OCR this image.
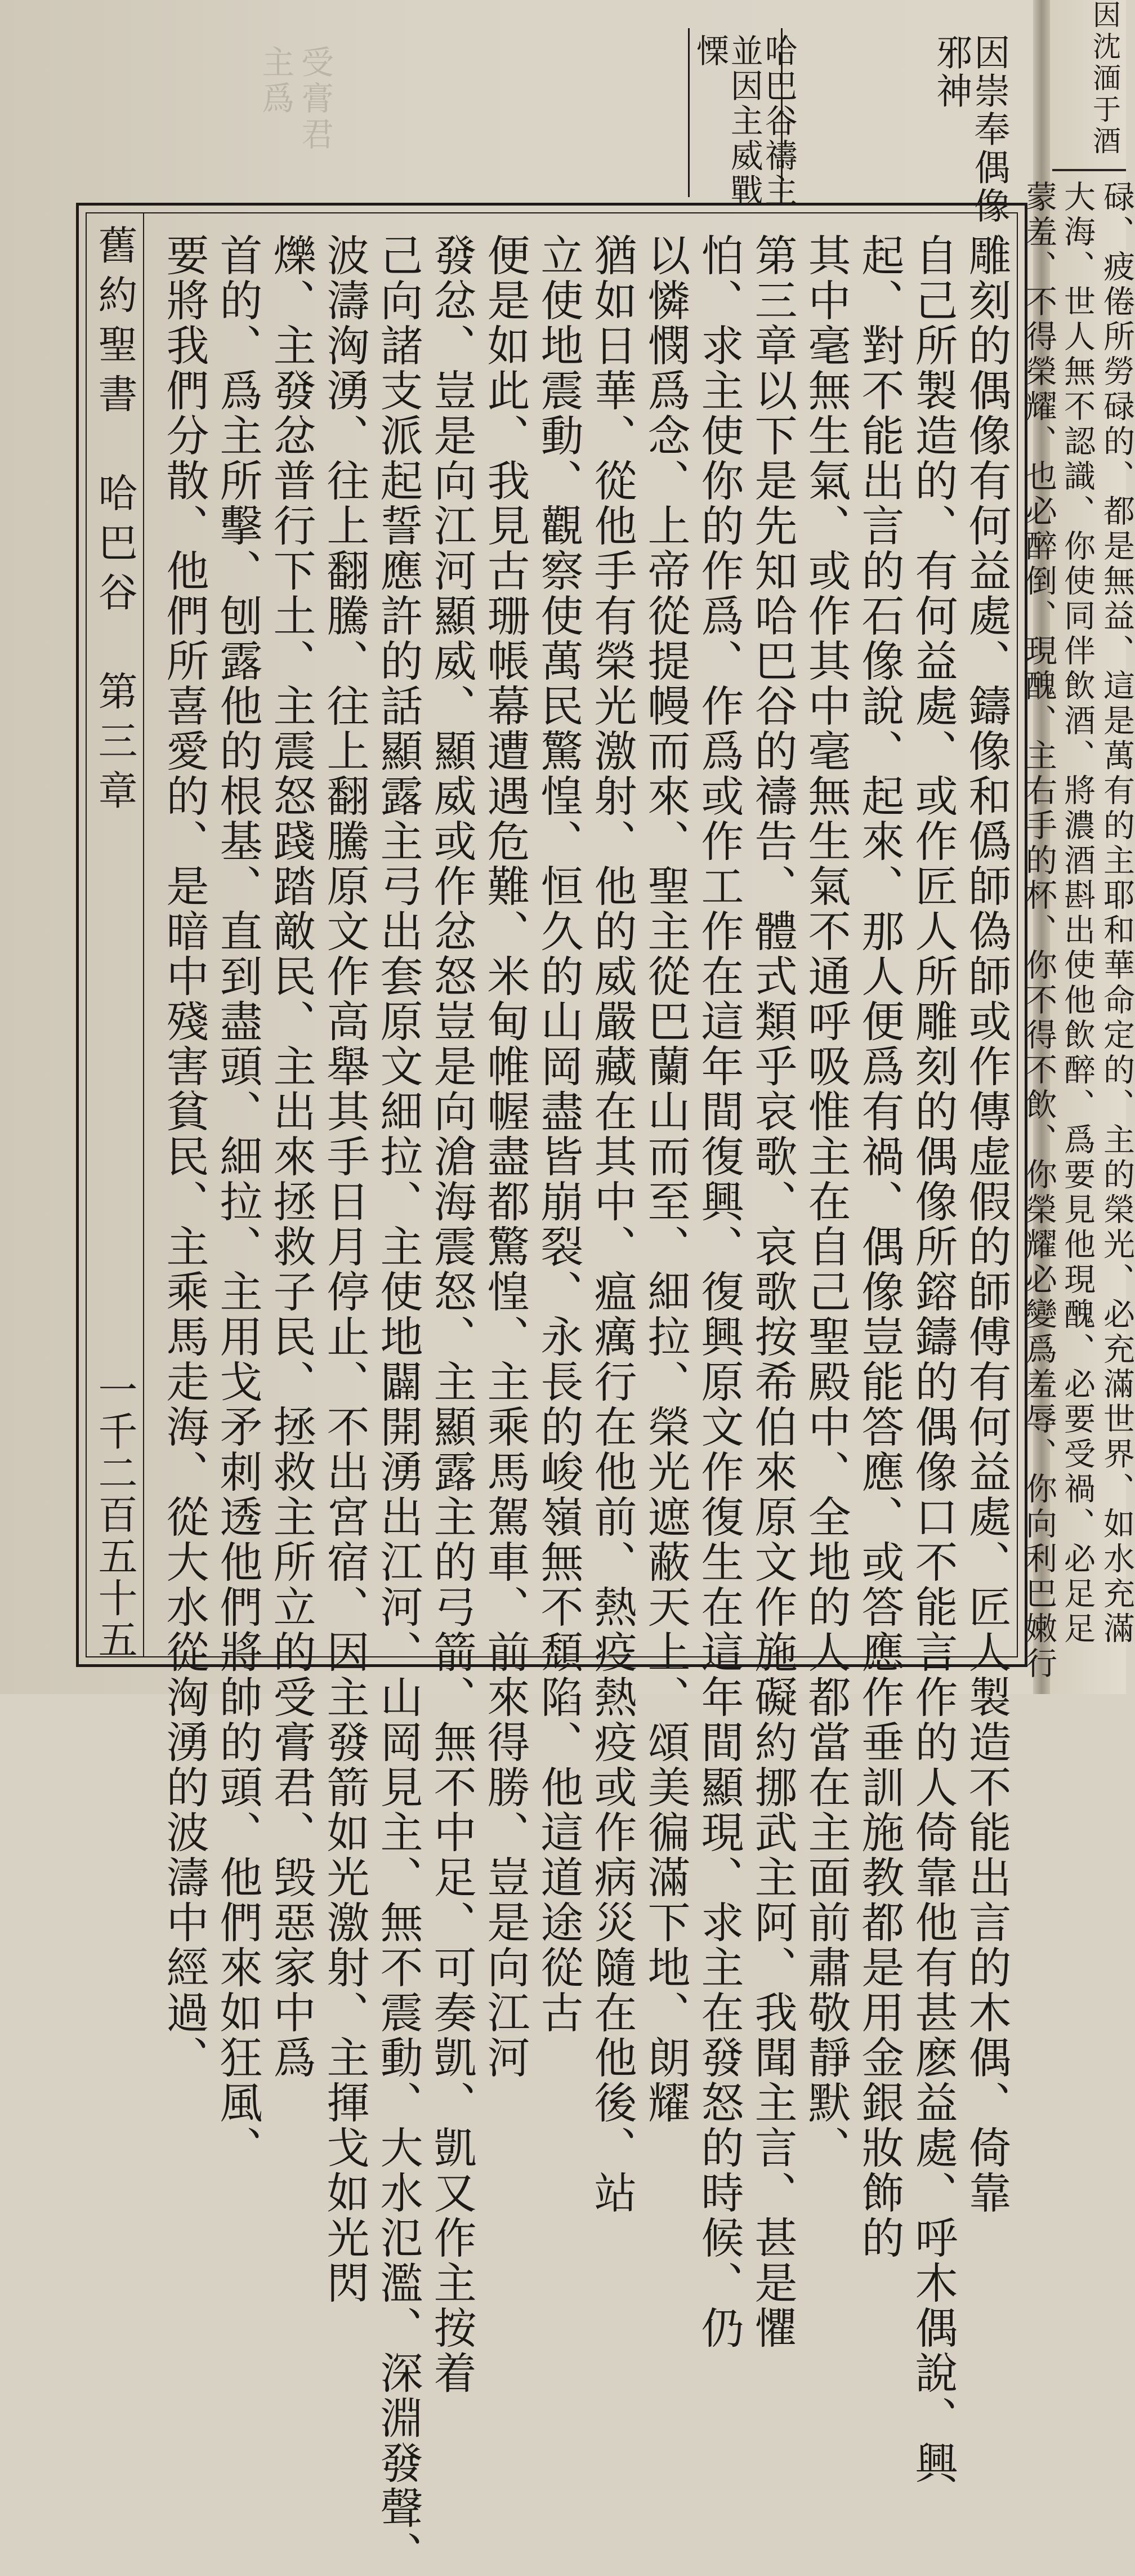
因崇奉偶像
邪神
哈巴谷禱主
並因主威戰
慄
主爲 受膏君
舊約聖書　哈巴谷　第三章
一千二百五十五	雕刻的偶像有何益處、鑄像和僞師偽師或作傳虚假的師傅有何益處、匠人製造不能出言的木偶、倚靠
自己所製造的、有何益處、或作匠人所雕刻的偶像所鎔鑄的偶像口不能言作的人倚靠他有甚麽益處、呼木偶說、興
起、對不能出言的石像說、起來、那人便爲有禍、偶像豈能答應、或答應作垂訓施教都是用金銀妝飾的
其中毫無生氣、或作其中毫無生氣不通呼吸惟主在自己聖殿中、全地的人都當在主面前肅敬靜默、
第三章以下是先知哈巴谷的禱告、體式類乎哀歌、哀歌按希伯來原文作施礙約挪武主阿、我聞主言、甚是懼
怕、求主使你的作爲、作爲或作工作在這年間復興、復興原文作復生在這年間顯現、求主在發怒的時候、仍
以憐憫爲念、上帝從提幔而來、聖主從巴蘭山而至、細拉、榮光遮蔽天上、頌美徧滿下地、朗耀
猶如日華、從他手有榮光激射、他的威嚴藏在其中、瘟癘行在他前、熱疫熱疫或作病災隨在他後、站
立使地震動、觀察使萬民驚惶、恒久的山岡盡皆崩裂、永長的峻嶺無不頹陷、他這道途從古
便是如此、我見古珊帳幕遭遇危難、米甸帷幄盡都驚惶、主乘馬駕車、前來得勝、豈是向江河
發忿、豈是向江河顯威、顯威或作忿怒豈是向滄海震怒、主顯露主的弓箭、無不中足、可奏凱、凱又作主按着
己向諸支派起誓應許的話顯露主弓出套原文細拉、主使地闢開湧出江河、山岡見主、無不震動、大水氾濫、深淵發聲、
波濤洶湧、往上翻騰、往上翻騰原文作高舉其手日月停止、不出宮宿、因主發箭如光激射、主揮戈如光閃
爍、主發忿普行下土、主震怒踐踏敵民、主出來拯救子民、拯救主所立的受膏君、毁惡家中爲
首的、爲主所擊、刨露他的根基、直到盡頭、細拉、主用戈矛刺透他們將帥的頭、他們來如狂風、
要將我們分散、他們所喜愛的、是暗中殘害貧民、主乘馬走海、從大水從洶湧的波濤中經過、
因沈湎于酒
碌、疲倦所勞碌的、都是無益、這是萬有的主耶和華命定的、主的榮光、必充滿世界、如水充滿
大海、世人無不認識、你使同伴飲酒、將濃酒斟出使他飲醉、爲要見他現醜、必要受禍、必足足
蒙羞、不得榮耀、也必醉倒、現醜、主右手的杯、你不得不飲、你榮耀必變爲羞辱、你向利巴嫩行
